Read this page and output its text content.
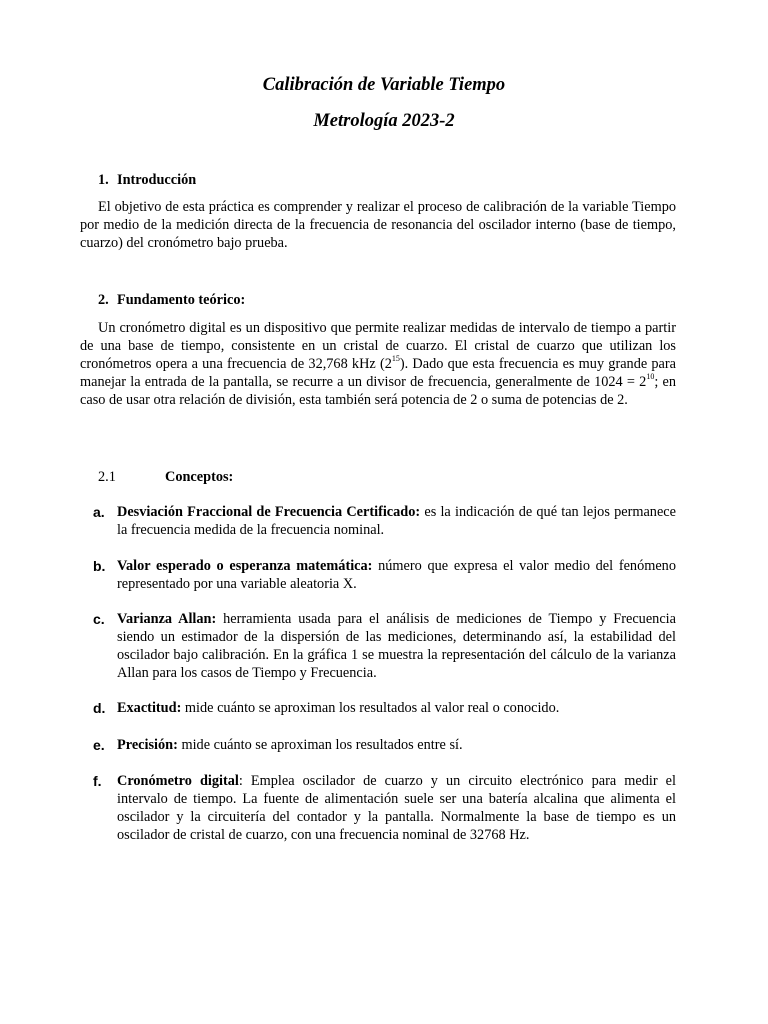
Calibración de Variable Tiempo
Metrología 2023-2
1. Introducción

El objetivo de esta práctica es comprender y realizar el proceso de calibración de la variable Tiempo por medio de la medición directa de la frecuencia de resonancia del oscilador interno (base de tiempo, cuarzo) del cronómetro bajo prueba.

2. Fundamento teórico:

Un cronómetro digital es un dispositivo que permite realizar medidas de intervalo de tiempo a partir de una base de tiempo, consistente en un cristal de cuarzo. El cristal de cuarzo que utilizan los cronómetros opera a una frecuencia de 32,768 kHz $(2^{15})$. Dado que esta frecuencia es muy grande para manejar la entrada de la pantalla, se recurre a un divisor de frecuencia, generalmente de $1024 = 2^{10}$; en caso de usar otra relación de división, esta también será potencia de 2 o suma de potencias de 2.

2.1	Conceptos:
a. Desviación Fraccional de Frecuencia Certificado: es la indicación de qué tan lejos permanece la frecuencia medida de la frecuencia nominal.
b. Valor esperado o esperanza matemática: número que expresa el valor medio del fenómeno representado por una variable aleatoria X.
c. Varianza Allan: herramienta usada para el análisis de mediciones de Tiempo y Frecuencia siendo un estimador de la dispersión de las mediciones, determinando así, la estabilidad del oscilador bajo calibración. En la gráfica 1 se muestra la representación del cálculo de la varianza Allan para los casos de Tiempo y Frecuencia.
d. Exactitud: mide cuánto se aproximan los resultados al valor real o conocido.
e. Precisión: mide cuánto se aproximan los resultados entre sí.
f. Cronómetro digital: Emplea oscilador de cuarzo y un circuito electrónico para medir el intervalo de tiempo. La fuente de alimentación suele ser una batería alcalina que alimenta el oscilador y la circuitería del contador y la pantalla. Normalmente la base de tiempo es un oscilador de cristal de cuarzo, con una frecuencia nominal de 32768 Hz.
